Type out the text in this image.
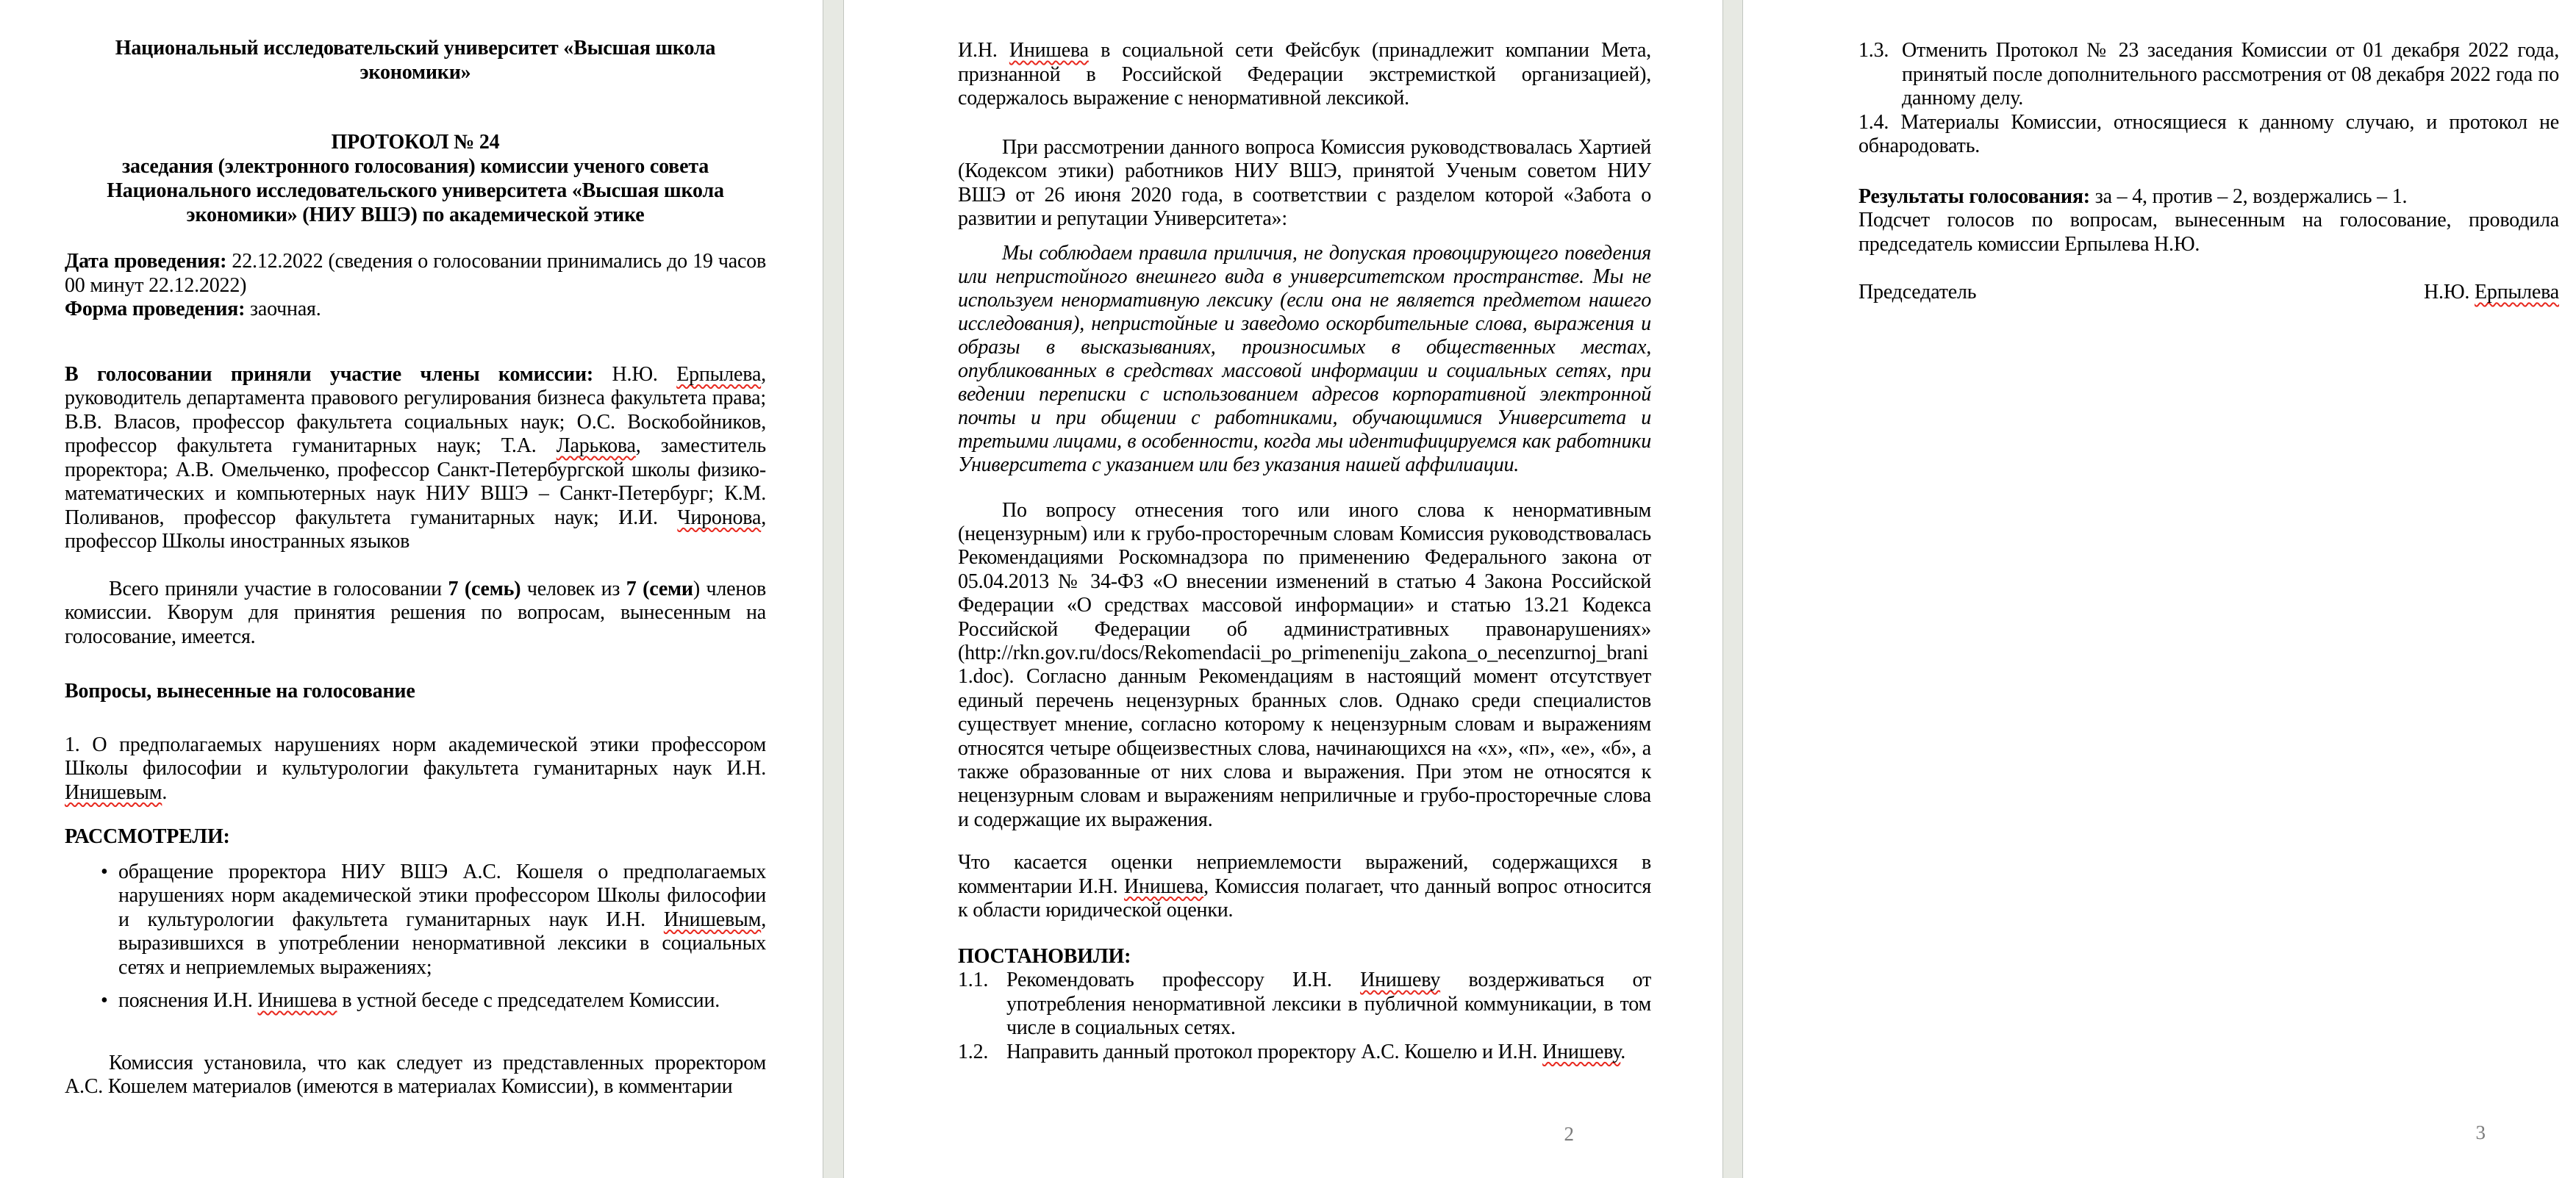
Национальный исследовательский университет «Высшая школа
экономики»
ПРОТОКОЛ № 24
заседания (электронного голосования) комиссии ученого совета
Национального исследовательского университета «Высшая школа
экономики» (НИУ ВШЭ) по академической этике
Дата проведения: 22.12.2022 (сведения о голосовании принимались до 19 часов 00 минут 22.12.2022)
Форма проведения: заочная.
В голосовании приняли участие члены комиссии: Н.Ю. Ерпылева, руководитель департамента правового регулирования бизнеса факультета права; В.В. Власов, профессор факультета социальных наук; О.С. Воскобойников, профессор факультета гуманитарных наук; Т.А. Ларькова, заместитель проректора; А.В. Омельченко, профессор Санкт-Петербургской школы физико-математических и компьютерных наук НИУ ВШЭ – Санкт-Петербург; К.М. Поливанов, профессор факультета гуманитарных наук; И.И. Чиронова, профессор Школы иностранных языков
Всего приняли участие в голосовании 7 (семь) человек из 7 (семи) членов комиссии. Кворум для принятия решения по вопросам, вынесенным на голосование, имеется.
Вопросы, вынесенные на голосование
1. О предполагаемых нарушениях норм академической этики профессором Школы философии и культурологии факультета гуманитарных наук И.Н. Инишевым.
РАССМОТРЕЛИ:
• обращение проректора НИУ ВШЭ А.С. Кошеля о предполагаемых нарушениях норм академической этики профессором Школы философии и культурологии факультета гуманитарных наук И.Н. Инишевым, выразившихся в употреблении ненормативной лексики в социальных сетях и неприемлемых выражениях;
• пояснения И.Н. Инишева в устной беседе с председателем Комиссии.
Комиссия установила, что как следует из представленных проректором А.С. Кошелем материалов (имеются в материалах Комиссии), в комментарии
И.Н. Инишева в социальной сети Фейсбук (принадлежит компании Мета, признанной в Российской Федерации экстремисткой организацией), содержалось выражение с ненормативной лексикой.
При рассмотрении данного вопроса Комиссия руководствовалась Хартией (Кодексом этики) работников НИУ ВШЭ, принятой Ученым советом НИУ ВШЭ от 26 июня 2020 года, в соответствии с разделом которой «Забота о развитии и репутации Университета»:
Мы соблюдаем правила приличия, не допуская провоцирующего поведения или непристойного внешнего вида в университетском пространстве. Мы не используем ненормативную лексику (если она не является предметом нашего исследования), непристойные и заведомо оскорбительные слова, выражения и образы в высказываниях, произносимых в общественных местах, опубликованных в средствах массовой информации и социальных сетях, при ведении переписки с использованием адресов корпоративной электронной почты и при общении с работниками, обучающимися Университета и третьими лицами, в особенности, когда мы идентифицируемся как работники Университета с указанием или без указания нашей аффилиации.
По вопросу отнесения того или иного слова к ненормативным (нецензурным) или к грубо-просторечным словам Комиссия руководствовалась Рекомендациями Роскомнадзора по применению Федерального закона от 05.04.2013 № 34-ФЗ «О внесении изменений в статью 4 Закона Российской Федерации «О средствах массовой информации» и статью 13.21 Кодекса Российской Федерации об административных правонарушениях» (http://rkn.gov.ru/docs/Rekomendacii_po_primeneniju_zakona_o_necenzurnoj_brani1.doc). Согласно данным Рекомендациям в настоящий момент отсутствует единый перечень нецензурных бранных слов. Однако среди специалистов существует мнение, согласно которому к нецензурным словам и выражениям относятся четыре общеизвестных слова, начинающихся на «х», «п», «е», «б», а также образованные от них слова и выражения. При этом не относятся к нецензурным словам и выражениям неприличные и грубо-просторечные слова и содержащие их выражения.
Что касается оценки неприемлемости выражений, содержащихся в комментарии И.Н. Инишева, Комиссия полагает, что данный вопрос относится к области юридической оценки.
ПОСТАНОВИЛИ:
1.1. Рекомендовать профессору И.Н. Инишеву воздерживаться от употребления ненормативной лексики в публичной коммуникации, в том числе в социальных сетях.
1.2. Направить данный протокол проректору А.С. Кошелю и И.Н. Инишеву.
2
1.3. Отменить Протокол № 23 заседания Комиссии от 01 декабря 2022 года, принятый после дополнительного рассмотрения от 08 декабря 2022 года по данному делу.
1.4. Материалы Комиссии, относящиеся к данному случаю, и протокол не обнародовать.
Результаты голосования: за – 4, против – 2, воздержались – 1.
Подсчет голосов по вопросам, вынесенным на голосование, проводила председатель комиссии Ерпылева Н.Ю.
Председатель	Н.Ю. Ерпылева
3
